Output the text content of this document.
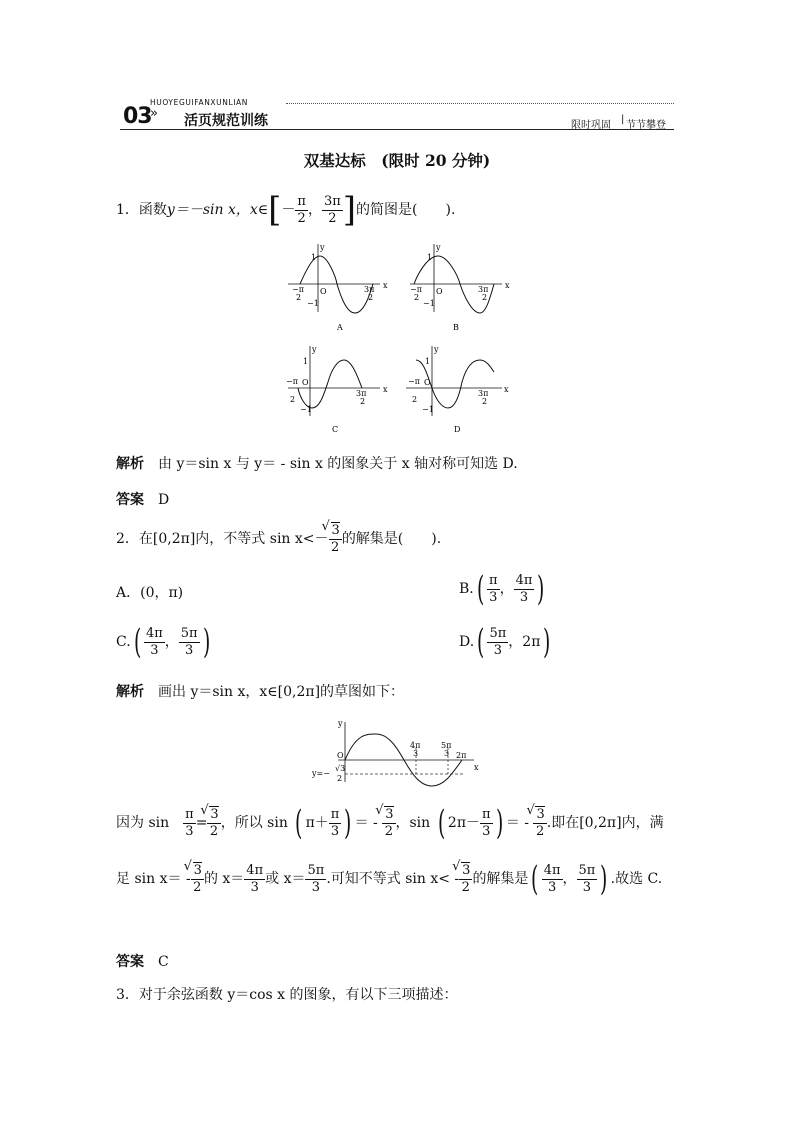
03
»
HUOYEGUIFANXUNLIAN
活页规范训练	限时巩固
|
节节攀登
双基达标　(限时 20 分钟)
1．函数y＝－sin x，x∈[－ $\frac{\pi}{2}$ ， $\frac{3\pi}{2}$ ]的简图是(　　).
y
x
1
O
−1
−π
2
3π
2
A
y
x
1
O
−1
−π
2
3π
2
B
y
x
1
O
−1
−π
2
3π
2
C
y
x
1
O
−1
−π
2
3π
2
D
解析　 由 y＝sin x 与 y＝ - sin x 的图象关于 x 轴对称可知选 D.
答案　 D
2．在[0,2π]内，不等式 sin x<－ √ $\frac{3}{2}$ 的解集是(　　).
A．(0，π)	$B.( \frac{\pi}{3}$ ， $\frac{4\pi}{3}$ )
$C.( \frac{4\pi}{3}$ ， $\frac{5\pi}{3}$ )	$D.( \frac{5\pi}{3}$ ，2π)
解析　 画出 y＝sin x，x∈[0,2π]的草图如下：
y
x
O
4π
3
5π
3 2π
y=−
√3
2
因为 sin　 $\frac{\pi}{3}$ = √ $\frac{3}{2}$ ，所以 sin ( $\pi+ \frac{\pi}{3}$ ) ＝ - √ $\frac{3}{2}$ ，sin ( $2\pi- \frac{\pi}{3}$ ) ＝ - √ $\frac{3}{2}$ .即在[0,2π]内，满
足 sin x＝ - √ $\frac{3}{2}$ 的 $x= \frac{4\pi}{3}$ 或 $x= \frac{5\pi}{3}$ .可知不等式 sin x< - √ $\frac{3}{2}$ 的解集是( $\frac{4\pi}{3}$ ， $\frac{5\pi}{3}$ ) .故选 C.
答案　 C
3．对于余弦函数 y＝cos x 的图象，有以下三项描述：
